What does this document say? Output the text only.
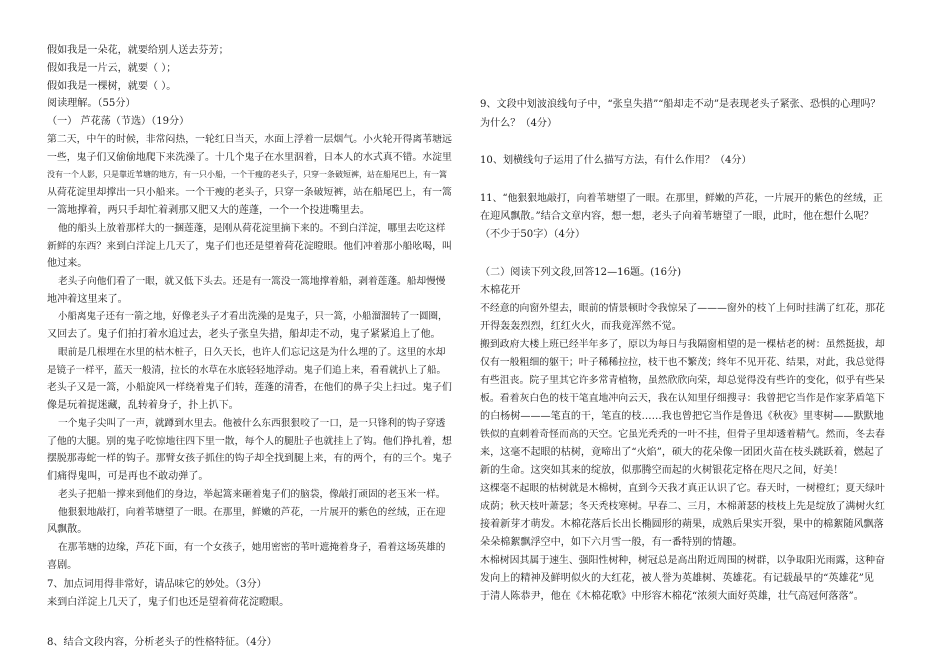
假如我是一朵花，就要给别人送去芬芳；
假如我是一片云，就要（ ）；
假如我是一棵树，就要（ ）。
阅读理解。（55分）
（一） 芦花荡（节选）（19分）
第二天，中午的时候，非常闷热，一轮红日当天，水面上浮着一层烟气。小火轮开得离苇塘远
一些，鬼子们又偷偷地爬下来洗澡了。十几个鬼子在水里泅着，日本人的水式真不错。水淀里
没有一个人影，只是靠近苇塘的地方，有一只小船，一个干瘦的老头子，只穿一条破短裤，站在船尾巴上，有一篙
从荷花淀里却撑出一只小船来。一个干瘦的老头子，只穿一条破短裤，站在船尾巴上，有一篙
一篙地撑着，两只手却忙着剥那又肥又大的莲蓬，一个一个投进嘴里去。
他的船头上放着那样大的一捆莲蓬，是刚从荷花淀里摘下来的。不到白洋淀，哪里去吃这样
新鲜的东西？来到白洋淀上几天了，鬼子们也还是望着荷花淀瞪眼。他们冲着那小船吆喝，叫
他过来。
老头子向他们看了一眼，就又低下头去。还是有一篙没一篙地撑着船，剥着莲蓬。船却慢慢
地冲着这里来了。
小船离鬼子还有一箭之地，好像老头子才看出洗澡的是鬼子，只一篙，小船溜溜转了一圆圈，
又回去了。鬼子们拍打着水追过去，老头子张皇失措，船却走不动，鬼子紧紧追上了他。
眼前是几根埋在水里的枯木桩子，日久天长，也许人们忘记这是为什么埋的了。这里的水却
是镜子一样平，蓝天一般清，拉长的水草在水底轻轻地浮动。鬼子们追上来，看看就扒上了船。
老头子又是一篙，小船旋风一样绕着鬼子们转，莲蓬的清香，在他们的鼻子尖上扫过。鬼子们
像是玩着捉迷藏，乱转着身子，扑上扒下。
一个鬼子尖叫了一声，就蹲到水里去。他被什么东西狠狠咬了一口，是一只锋利的钩子穿透
了他的大腿。别的鬼子吃惊地往四下里一散，每个人的腿肚子也就挂上了钩。他们挣扎着，想
摆脱那毒蛇一样的钩子。那臂女孩子抓住的钩子却全找到腿上来，有的两个，有的三个。鬼子
们痛得鬼叫，可是再也不敢动弹了。
老头子把船一撑来到他们的身边，举起篙来砸着鬼子们的脑袋，像敲打顽固的老玉米一样。
他狠狠地敲打，向着苇塘望了一眼。在那里，鲜嫩的芦花，一片展开的紫色的丝绒，正在迎
风飘散。
在那苇塘的边缘，芦花下面，有一个女孩子，她用密密的苇叶遮掩着身子，看着这场英雄的
喜剧。
7、加点词用得非常好，请品味它的妙处。（3分）
来到白洋淀上几天了，鬼子们也还是望着荷花淀瞪眼。
8、结合文段内容，分析老头子的性格特征。（4分）
9、文段中划波浪线句子中，“张皇失措”“船却走不动”是表现老头子紧张、恐惧的心理吗？
为什么？（4分）
10、划横线句子运用了什么描写方法，有什么作用？（4分）
11、“他狠狠地敲打，向着苇塘望了一眼。在那里，鲜嫩的芦花，一片展开的紫色的丝绒，正
在迎风飘散。”结合文章内容，想一想，老头子向着苇塘望了一眼，此时，他在想什么呢？
（不少于50字）（4分）
（二）阅读下列文段,回答12—16题。(16分)
木棉花开
不经意的向窗外望去，眼前的情景顿时令我惊呆了———窗外的枝丫上何时挂满了红花，那花
开得轰轰烈烈，红红火火，而我竟浑然不觉。
搬到政府大楼上班已经半年多了，原以为每日与我隔窗相望的是一棵枯老的树：虽然挺拔，却
仅有一般粗细的躯干；叶子稀稀拉拉，枝干也不繁茂；终年不见开花、结果，对此，我总觉得
有些沮丧。院子里其它许多常青植物，虽然欣欣向荣，却总觉得没有些许的变化，似乎有些呆
板。看着灰白色的枝干笔直地冲向云天，我在认知里仔细搜寻：我曾把它当作是作家茅盾笔下
的白杨树———笔直的干，笔直的枝……我也曾把它当作是鲁迅《秋夜》里枣树——默默地
铁似的直刺着奇怪而高的天空。它虽光秃秃的一叶不挂，但骨子里却透着精气。然而，冬去春
来，这毫不起眼的枯树，竟啼出了“火焰”，硕大的花朵像一团团火苗在枝头跳跃着，燃起了
新的生命。这突如其来的绽放，似那腾空而起的火树银花定格在咫尺之间，好美！
这棵毫不起眼的枯树就是木棉树，直到今天我才真正认识了它。春天时，一树橙红；夏天绿叶
成荫；秋天枝叶萧瑟；冬天秃枝寒树。早春二、三月，木棉萧瑟的枝枝上先是绽放了满树火红
接着新芽才萌发。木棉花落后长出长椭圆形的蒴果，成熟后果实开裂，果中的棉絮随风飘落
朵朵棉絮飘浮空中，如下六月雪一般，有一番特别的情趣。
木棉树因其属于速生、强阳性树种，树冠总是高出附近周围的树群，以争取阳光雨露，这种奋
发向上的精神及鲜明似火的大红花，被人誉为英雄树、英雄花。有记载最早的“英雄花”见
于清人陈恭尹，他在《木棉花歌》中形容木棉花“浓须大面好英雄，壮气高冠何落落”。
